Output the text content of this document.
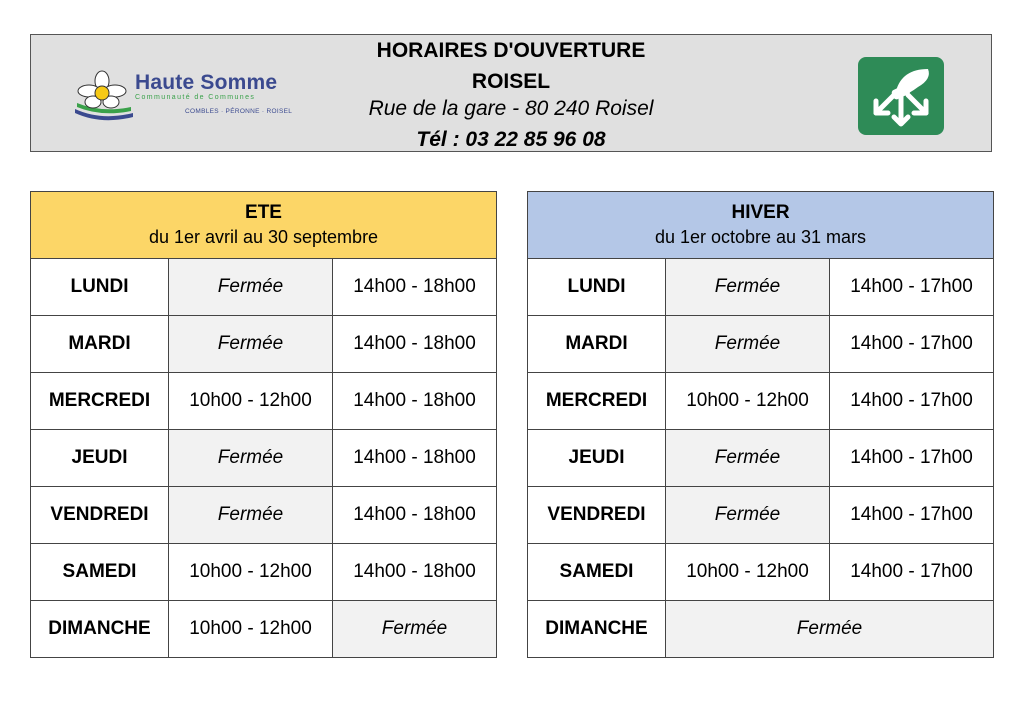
Haute Somme
Communauté de Communes
COMBLES · PÉRONNE · ROISEL
HORAIRES D'OUVERTURE
ROISEL
Rue de la gare - 80 240 Roisel
Tél : 03 22 85 96 08
ETE
du 1er avril au 30 septembre		
LUNDI	Fermée	14h00 - 18h00
MARDI	Fermée	14h00 - 18h00
MERCREDI	10h00 - 12h00	14h00 - 18h00
JEUDI	Fermée	14h00 - 18h00
VENDREDI	Fermée	14h00 - 18h00
SAMEDI	10h00 - 12h00	14h00 - 18h00
DIMANCHE	10h00 - 12h00	Fermée
HIVER
du 1er octobre au 31 mars		
LUNDI	Fermée	14h00 - 17h00
MARDI	Fermée	14h00 - 17h00
MERCREDI	10h00 - 12h00	14h00 - 17h00
JEUDI	Fermée	14h00 - 17h00
VENDREDI	Fermée	14h00 - 17h00
SAMEDI	10h00 - 12h00	14h00 - 17h00
DIMANCHE	Fermée	
